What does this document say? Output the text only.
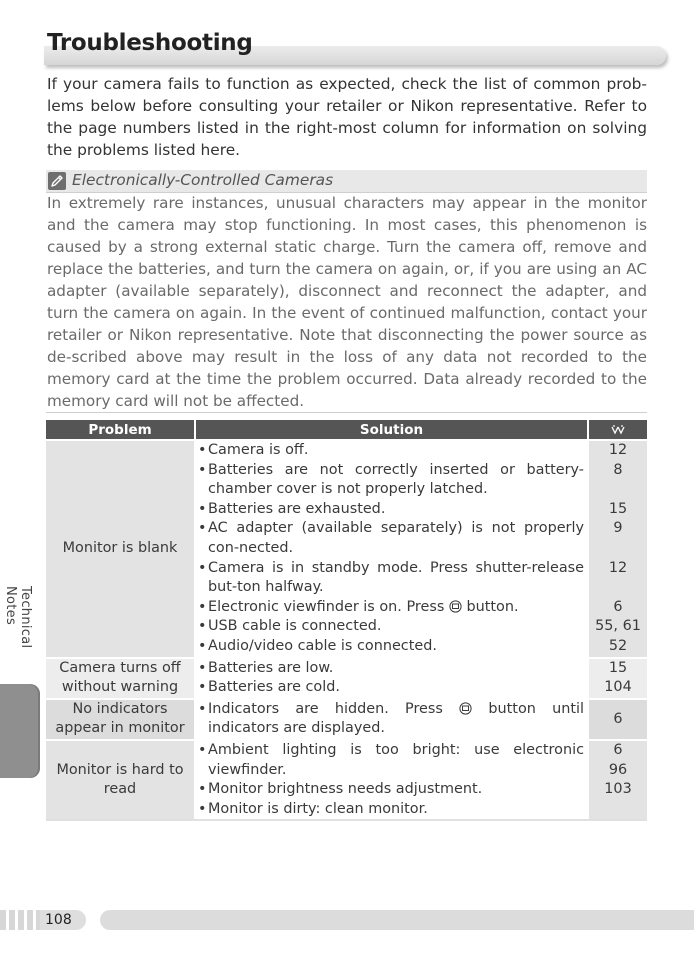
Troubleshooting

If your camera fails to function as expected, check the list of common prob-lems below before consulting your retailer or Nikon representative. Refer to the page numbers listed in the right-most column for information on solving the problems listed here.

Electronically-Controlled Cameras

In extremely rare instances, unusual characters may appear in the monitor and the camera may stop functioning. In most cases, this phenomenon is caused by a strong external static charge. Turn the camera off, remove and replace the batteries, and turn the camera on again, or, if you are using an AC adapter (available separately), disconnect and reconnect the adapter, and turn the camera on again. In the event of continued malfunction, contact your retailer or Nikon representative. Note that disconnecting the power source as de-scribed above may result in the loss of any data not recorded to the memory card at the time the problem occurred. Data already recorded to the memory card will not be affected.

Problem	Solution
Monitor is blank
• Camera is off.
• Batteries are not correctly inserted or battery-chamber cover is not properly latched.
• Batteries are exhausted.
• AC adapter (available separately) is not properly con-nected.
• Camera is in standby mode. Press shutter-release but-ton halfway.
• Electronic viewfinder is on. Press  button.
• USB cable is connected.
• Audio/video cable is connected.
12
8

15
9

12

6
55, 61
52
Camera turns off without warning
• Batteries are low.
• Batteries are cold.
15
104
No indicators appear in monitor
• Indicators are hidden. Press  button until indicators are displayed.
6
Monitor is hard to read
• Ambient lighting is too bright: use electronic viewfinder.
• Monitor brightness needs adjustment.
• Monitor is dirty: clean monitor.
6
96
103
Technical Notes
108
